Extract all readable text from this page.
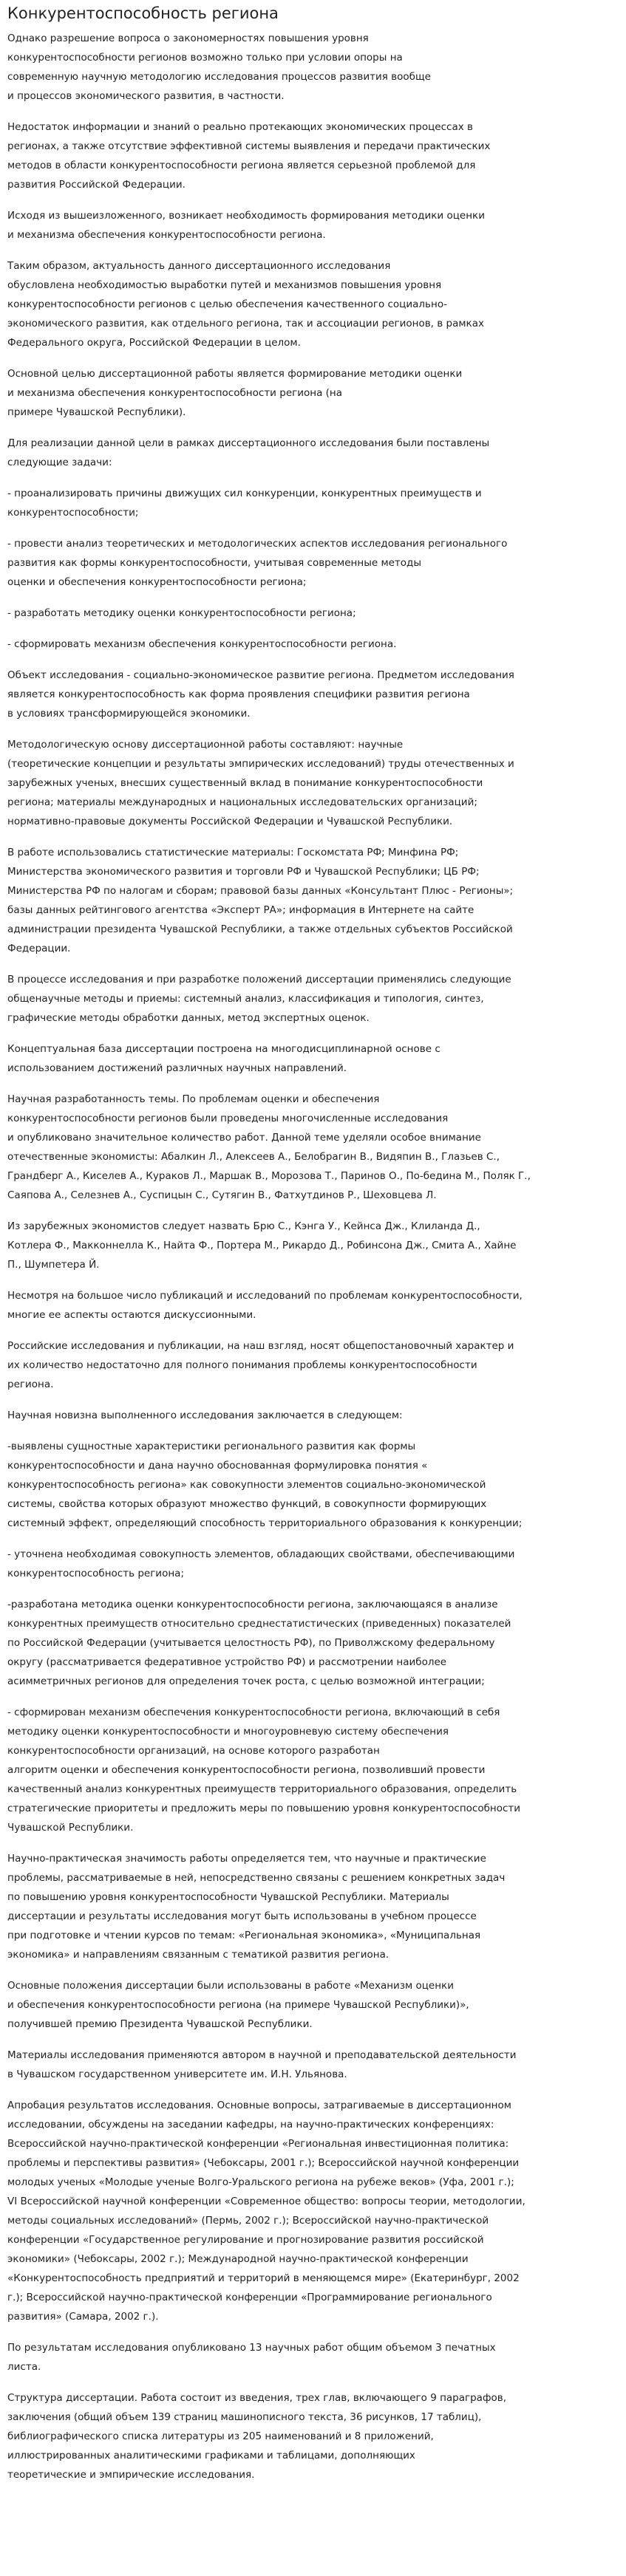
Конкурентоспособность региона

Однако разрешение вопроса о закономерностях повышения уровня
конкурентоспособности регионов возможно только при условии опоры на
современную научную методологию исследования процессов развития вообще
и процессов экономического развития, в частности.

Недостаток информации и знаний о реально протекающих экономических процессах в
регионах, а также отсутствие эффективной системы выявления и передачи практических
методов в области конкурентоспособности региона является серьезной проблемой для
развития Российской Федерации.

Исходя из вышеизложенного, возникает необходимость формирования методики оценки
и механизма обеспечения конкурентоспособности региона.

Таким образом, актуальность данного диссертационного исследования
обусловлена необходимостью выработки путей и механизмов повышения уровня
конкурентоспособности регионов с целью обеспечения качественного социально-
экономического развития, как отдельного региона, так и ассоциации регионов, в рамках
Федерального округа, Российской Федерации в целом.

Основной целью диссертационной работы является формирование методики оценки
и механизма обеспечения конкурентоспособности региона (на
примере Чувашской Республики).

Для реализации данной цели в рамках диссертационного исследования были поставлены
следующие задачи:

- проанализировать причины движущих сил конкуренции, конкурентных преимуществ и
конкурентоспособности;

- провести анализ теоретических и методологических аспектов исследования регионального
развития как формы конкурентоспособности, учитывая современные методы
оценки и обеспечения конкурентоспособности региона;

- разработать методику оценки конкурентоспособности региона;

- сформировать механизм обеспечения конкурентоспособности региона.

Объект исследования - социально-экономическое развитие региона. Предметом исследования
является конкурентоспособность как форма проявления специфики развития региона
в условиях трансформирующейся экономики.

Методологическую основу диссертационной работы составляют: научные
(теоретические концепции и результаты эмпирических исследований) труды отечественных и
зарубежных ученых, внесших существенный вклад в понимание конкурентоспособности
региона; материалы международных и национальных исследовательских организаций;
нормативно-правовые документы Российской Федерации и Чувашской Республики.

В работе использовались статистические материалы: Госкомстата РФ; Минфина РФ;
Министерства экономического развития и торговли РФ и Чувашской Республики; ЦБ РФ;
Министерства РФ по налогам и сборам; правовой базы данных «Консультант Плюс - Регионы»;
базы данных рейтингового агентства «Эксперт РА»; информация в Интернете на сайте
администрации президента Чувашской Республики, а также отдельных субъектов Российской
Федерации.

В процессе исследования и при разработке положений диссертации применялись следующие
общенаучные методы и приемы: системный анализ, классификация и типология, синтез,
графические методы обработки данных, метод экспертных оценок.

Концептуальная база диссертации построена на многодисциплинарной основе с
использованием достижений различных научных направлений.

Научная разработанность темы. По проблемам оценки и обеспечения
конкурентоспособности регионов были проведены многочисленные исследования
и опубликовано значительное количество работ. Данной теме уделяли особое внимание
отечественные экономисты: Абалкин Л., Алексеев А., Белобрагин В., Видяпин В., Глазьев С.,
Грандберг А., Киселев А., Кураков Л., Маршак В., Морозова Т., Паринов О., По-бедина М., Поляк Г.,
Саяпова А., Селезнев А., Суспицын С., Сутягин В., Фатхутдинов Р., Шеховцева Л.

Из зарубежных экономистов следует назвать Брю С., Кэнга У., Кейнса Дж., Клиланда Д.,
Котлера Ф., Макконнелла К., Найта Ф., Портера М., Рикардо Д., Робинсона Дж., Смита А., Хайне
П., Шумпетера Й.

Несмотря на большое число публикаций и исследований по проблемам конкурентоспособности,
многие ее аспекты остаются дискуссионными.

Российские исследования и публикации, на наш взгляд, носят общепостановочный характер и
их количество недостаточно для полного понимания проблемы конкурентоспособности
региона.

Научная новизна выполненного исследования заключается в следующем:

-выявлены сущностные характеристики регионального развития как формы
конкурентоспособности и дана научно обоснованная формулировка понятия «
конкурентоспособность региона» как совокупности элементов социально-экономической
системы, свойства которых образуют множество функций, в совокупности формирующих
системный эффект, определяющий способность территориального образования к конкуренции;

- уточнена необходимая совокупность элементов, обладающих свойствами, обеспечивающими
конкурентоспособность региона;

-разработана методика оценки конкурентоспособности региона, заключающаяся в анализе
конкурентных преимуществ относительно среднестатистических (приведенных) показателей
по Российской Федерации (учитывается целостность РФ), по Приволжскому федеральному
округу (рассматривается федеративное устройство РФ) и рассмотрении наиболее
асимметричных регионов для определения точек роста, с целью возможной интеграции;

- сформирован механизм обеспечения конкурентоспособности региона, включающий в себя
методику оценки конкурентоспособности и многоуровневую систему обеспечения
конкурентоспособности организаций, на основе которого разработан
алгоритм оценки и обеспечения конкурентоспособности региона, позволивший провести
качественный анализ конкурентных преимуществ территориального образования, определить
стратегические приоритеты и предложить меры по повышению уровня конкурентоспособности
Чувашской Республики.

Научно-практическая значимость работы определяется тем, что научные и практические
проблемы, рассматриваемые в ней, непосредственно связаны с решением конкретных задач
по повышению уровня конкурентоспособности Чувашской Республики. Материалы
диссертации и результаты исследования могут быть использованы в учебном процессе
при подготовке и чтении курсов по темам: «Региональная экономика», «Муниципальная
экономика» и направлениям связанным с тематикой развития региона.

Основные положения диссертации были использованы в работе «Механизм оценки
и обеспечения конкурентоспособности региона (на примере Чувашской Республики)»,
получившей премию Президента Чувашской Республики.

Материалы исследования применяются автором в научной и преподавательской деятельности
в Чувашском государственном университете им. И.Н. Ульянова.

Апробация результатов исследования. Основные вопросы, затрагиваемые в диссертационном
исследовании, обсуждены на заседании кафедры, на научно-практических конференциях:
Всероссийской научно-практической конференции «Региональная инвестиционная политика:
проблемы и перспективы развития» (Чебоксары, 2001 г.); Всероссийской научной конференции
молодых ученых «Молодые ученые Волго-Уральского региона на рубеже веков» (Уфа, 2001 г.);
VI Всероссийской научной конференции «Современное общество: вопросы теории, методологии,
методы социальных исследований» (Пермь, 2002 г.); Всероссийской научно-практической
конференции «Государственное регулирование и прогнозирование развития российской
экономики» (Чебоксары, 2002 г.); Международной научно-практической конференции
«Конкурентоспособность предприятий и территорий в меняющемся мире» (Екатеринбург, 2002
г.); Всероссийской научно-практической конференции «Программирование регионального
развития» (Самара, 2002 г.).

По результатам исследования опубликовано 13 научных работ общим объемом 3 печатных
листа.

Структура диссертации. Работа состоит из введения, трех глав, включающего 9 параграфов,
заключения (общий объем 139 страниц машинописного текста, 36 рисунков, 17 таблиц),
библиографического списка литературы из 205 наименований и 8 приложений,
иллюстрированных аналитическими графиками и таблицами, дополняющих
теоретические и эмпирические исследования.
